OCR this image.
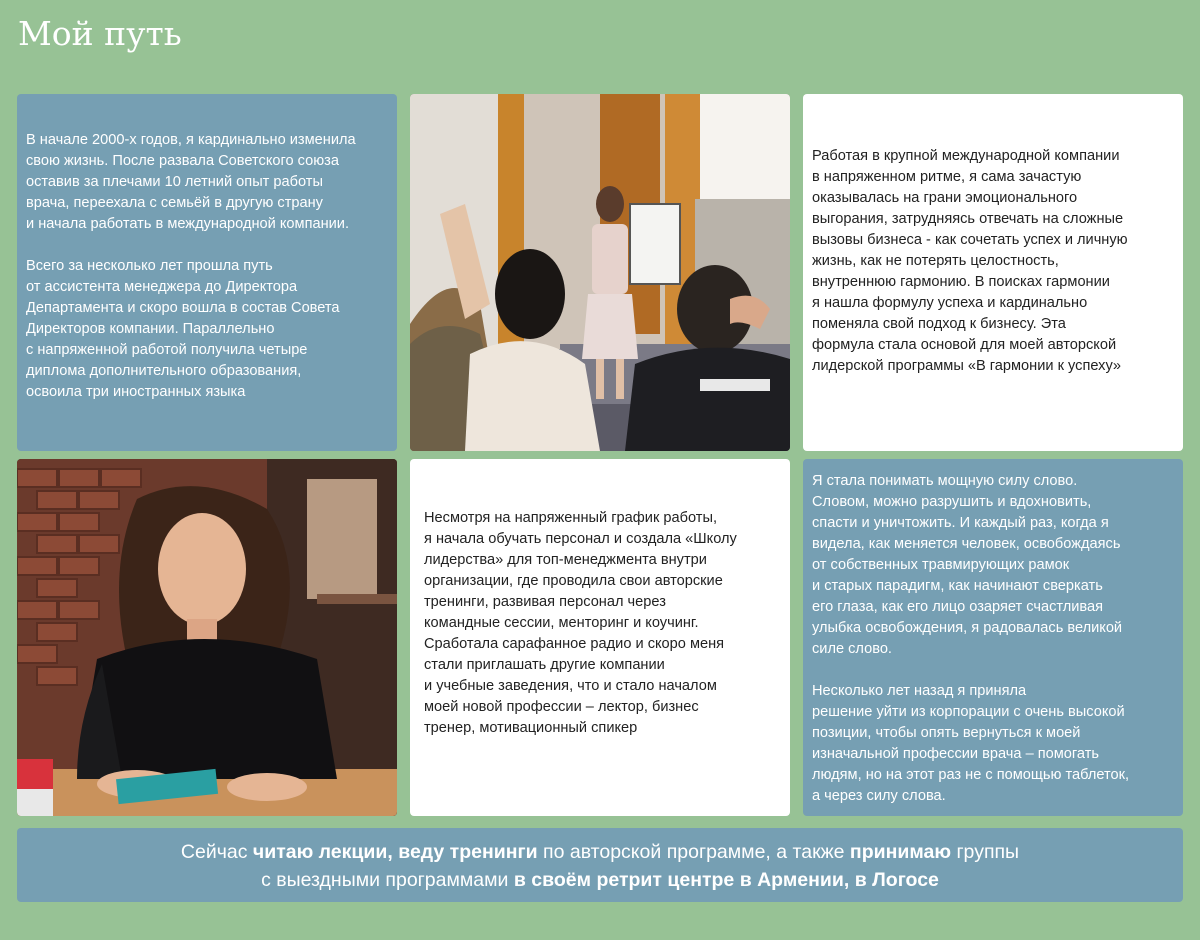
Мой путь

В начале 2000-х годов, я кардинально изменила
свою жизнь. После развала Советского союза
оставив за плечами 10 летний опыт работы
врача, переехала с семьёй в другую страну
и начала работать в международной компании.

Всего за несколько лет прошла путь
от ассистента менеджера до Директора
Департамента и скоро вошла в состав Совета
Директоров компании. Параллельно
с напряженной работой получила четыре
диплома дополнительного образования,
освоила три иностранных языка

Работая в крупной международной компании
в напряженном ритме, я сама зачастую
оказывалась на грани эмоционального
выгорания, затрудняясь отвечать на сложные
вызовы бизнеса - как сочетать успех и личную
жизнь, как не потерять целостность,
внутреннюю гармонию. В поисках гармонии
я нашла формулу успеха и кардинально
поменяла свой подход к бизнесу. Эта
формула стала основой для моей авторской
лидерской программы «В гармонии к успеху»

Несмотря на напряженный график работы,
я начала обучать персонал и создала «Школу
лидерства» для топ-менеджмента внутри
организации, где проводила свои авторские
тренинги, развивая персонал через
командные сессии, менторинг и коучинг.
Сработала сарафанное радио и скоро меня
стали приглашать другие компании
и учебные заведения, что и стало началом
моей новой профессии – лектор, бизнес
тренер, мотивационный спикер

Я стала понимать мощную силу слово.
Словом, можно разрушить и вдохновить,
спасти и уничтожить. И каждый раз, когда я
видела, как меняется человек, освобождаясь
от собственных травмирующих рамок
и старых парадигм, как начинают сверкать
его глаза, как его лицо озаряет счастливая
улыбка освобождения, я радовалась великой
силе слово.

Несколько лет назад я приняла
решение уйти из корпорации с очень высокой
позиции, чтобы опять вернуться к моей
изначальной профессии врача – помогать
людям, но на этот раз не с помощью таблеток,
а через силу слова.

Сейчас читаю лекции, веду тренинги по авторской программе, а также принимаю группы
с выездными программами в своём ретрит центре в Армении, в Логосе
